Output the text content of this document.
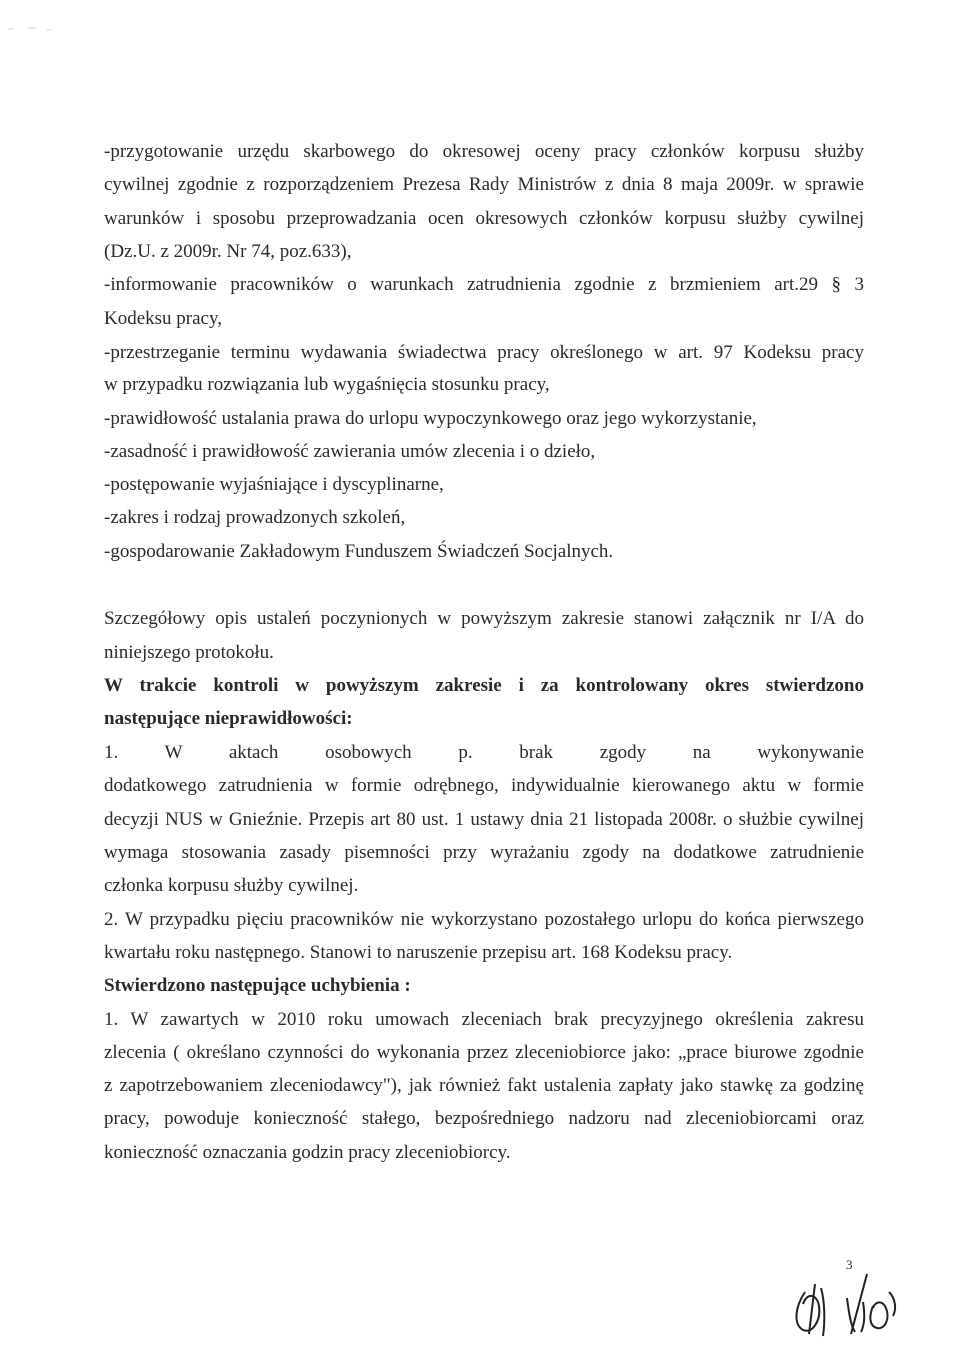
-przygotowanie urzędu skarbowego do okresowej oceny pracy członków korpusu służby
cywilnej zgodnie z rozporządzeniem Prezesa Rady Ministrów z dnia 8 maja 2009r. w sprawie
warunków i sposobu przeprowadzania ocen okresowych członków korpusu służby cywilnej
(Dz.U. z 2009r. Nr 74, poz.633),
-informowanie pracowników o warunkach zatrudnienia zgodnie z brzmieniem art.29 § 3
Kodeksu pracy,
-przestrzeganie terminu wydawania świadectwa pracy określonego w art. 97 Kodeksu pracy
w przypadku rozwiązania lub wygaśnięcia stosunku pracy,
-prawidłowość ustalania prawa do urlopu wypoczynkowego oraz jego wykorzystanie,
-zasadność i prawidłowość zawierania umów zlecenia i o dzieło,
-postępowanie wyjaśniające i dyscyplinarne,
-zakres i rodzaj prowadzonych szkoleń,
-gospodarowanie Zakładowym Funduszem Świadczeń Socjalnych.
Szczegółowy opis ustaleń poczynionych w powyższym zakresie stanowi załącznik nr I/A do
niniejszego protokołu.
W trakcie kontroli w powyższym zakresie i za kontrolowany okres stwierdzono
następujące nieprawidłowości:
1. W aktach osobowych p. brak zgody na wykonywanie
dodatkowego zatrudnienia w formie odrębnego, indywidualnie kierowanego aktu w formie
decyzji NUS w Gnieźnie. Przepis art 80 ust. 1 ustawy dnia 21 listopada 2008r. o służbie cywilnej
wymaga stosowania zasady pisemności przy wyrażaniu zgody na dodatkowe zatrudnienie
członka korpusu służby cywilnej.
2. W przypadku pięciu pracowników nie wykorzystano pozostałego urlopu do końca pierwszego
kwartału roku następnego. Stanowi to naruszenie przepisu art. 168 Kodeksu pracy.
Stwierdzono następujące uchybienia :
1. W zawartych w 2010 roku umowach zleceniach brak precyzyjnego określenia zakresu
zlecenia ( określano czynności do wykonania przez zleceniobiorce jako: „prace biurowe zgodnie
z zapotrzebowaniem zleceniodawcy"), jak również fakt ustalenia zapłaty jako stawkę za godzinę
pracy, powoduje konieczność stałego, bezpośredniego nadzoru nad zleceniobiorcami oraz
konieczność oznaczania godzin pracy zleceniobiorcy.
3
